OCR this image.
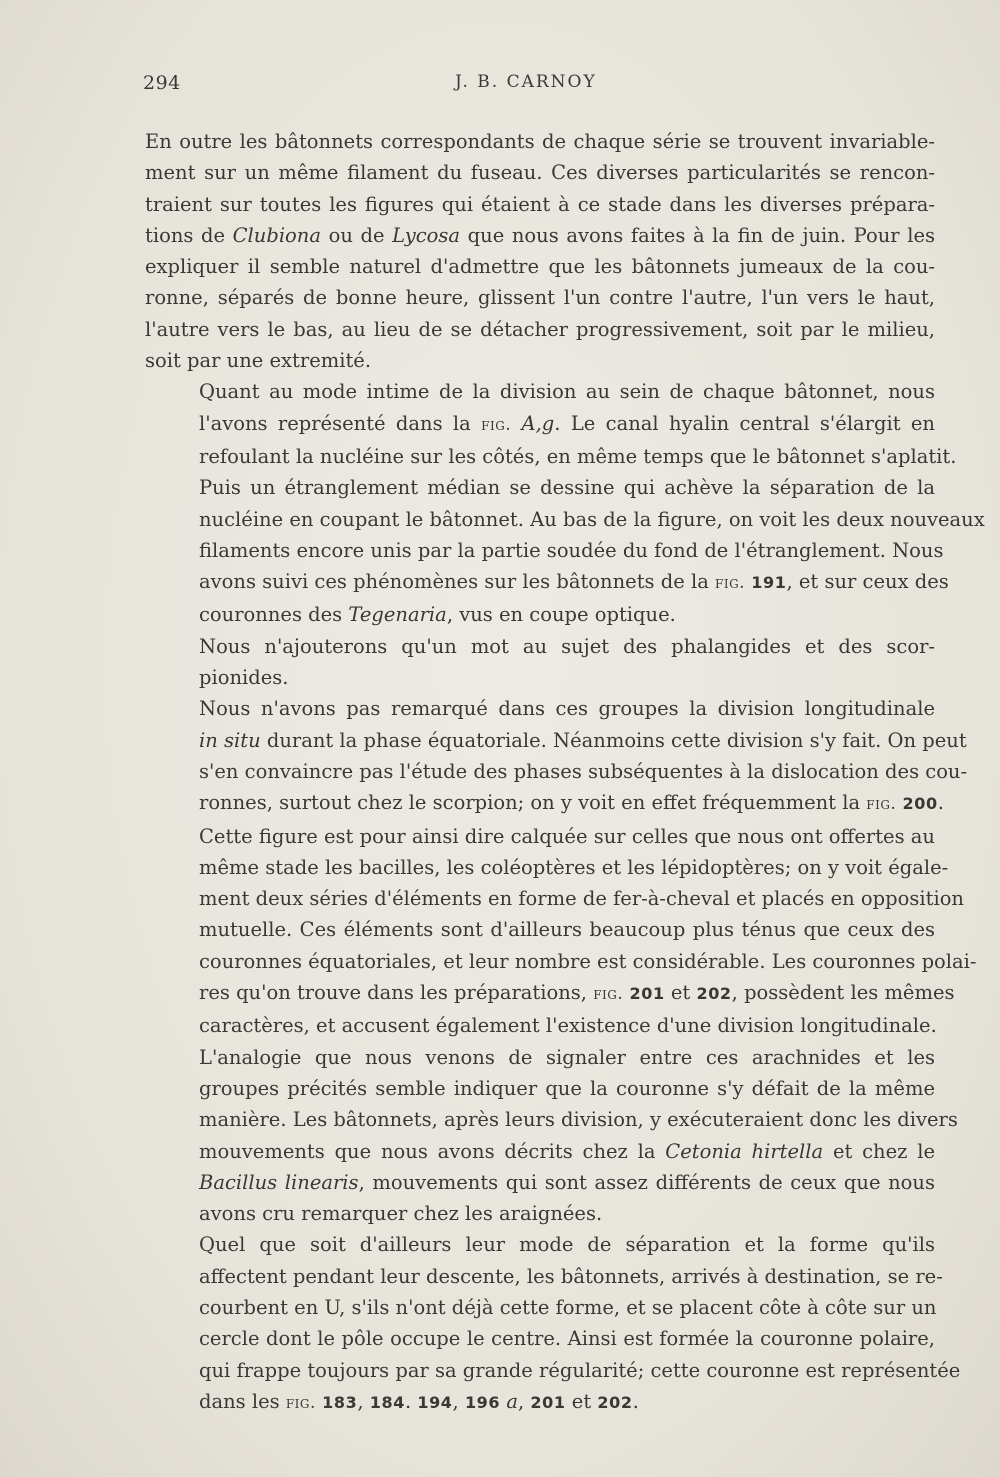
294	J. B. CARNOY

En outre les bâtonnets correspondants de chaque série se trouvent invariable-
ment sur un même filament du fuseau. Ces diverses particularités se rencon-
traient sur toutes les figures qui étaient à ce stade dans les diverses prépara-
tions de Clubiona ou de Lycosa que nous avons faites à la fin de juin. Pour les
expliquer il semble naturel d'admettre que les bâtonnets jumeaux de la cou-
ronne, séparés de bonne heure, glissent l'un contre l'autre, l'un vers le haut,
l'autre vers le bas, au lieu de se détacher progressivement, soit par le milieu,
soit par une extremité.

Quant au mode intime de la division au sein de chaque bâtonnet, nous
l'avons représenté dans la fig. A,g. Le canal hyalin central s'élargit en
refoulant la nucléine sur les côtés, en même temps que le bâtonnet s'aplatit.
Puis un étranglement médian se dessine qui achève la séparation de la
nucléine en coupant le bâtonnet. Au bas de la figure, on voit les deux nouveaux
filaments encore unis par la partie soudée du fond de l'étranglement. Nous
avons suivi ces phénomènes sur les bâtonnets de la fig. 191, et sur ceux des
couronnes des Tegenaria, vus en coupe optique.

Nous n'ajouterons qu'un mot au sujet des phalangides et des scor-
pionides.

Nous n'avons pas remarqué dans ces groupes la division longitudinale
in situ durant la phase équatoriale. Néanmoins cette division s'y fait. On peut
s'en convaincre pas l'étude des phases subséquentes à la dislocation des cou-
ronnes, surtout chez le scorpion; on y voit en effet fréquemment la fig. 200.
Cette figure est pour ainsi dire calquée sur celles que nous ont offertes au
même stade les bacilles, les coléoptères et les lépidoptères; on y voit égale-
ment deux séries d'éléments en forme de fer-à-cheval et placés en opposition
mutuelle. Ces éléments sont d'ailleurs beaucoup plus ténus que ceux des
couronnes équatoriales, et leur nombre est considérable. Les couronnes polai-
res qu'on trouve dans les préparations, fig. 201 et 202, possèdent les mêmes
caractères, et accusent également l'existence d'une division longitudinale.

L'analogie que nous venons de signaler entre ces arachnides et les
groupes précités semble indiquer que la couronne s'y défait de la même
manière. Les bâtonnets, après leurs division, y exécuteraient donc les divers
mouvements que nous avons décrits chez la Cetonia hirtella et chez le
Bacillus linearis, mouvements qui sont assez différents de ceux que nous
avons cru remarquer chez les araignées.

Quel que soit d'ailleurs leur mode de séparation et la forme qu'ils
affectent pendant leur descente, les bâtonnets, arrivés à destination, se re-
courbent en U, s'ils n'ont déjà cette forme, et se placent côte à côte sur un
cercle dont le pôle occupe le centre. Ainsi est formée la couronne polaire,
qui frappe toujours par sa grande régularité; cette couronne est représentée
dans les fig. 183, 184. 194, 196 a, 201 et 202.
